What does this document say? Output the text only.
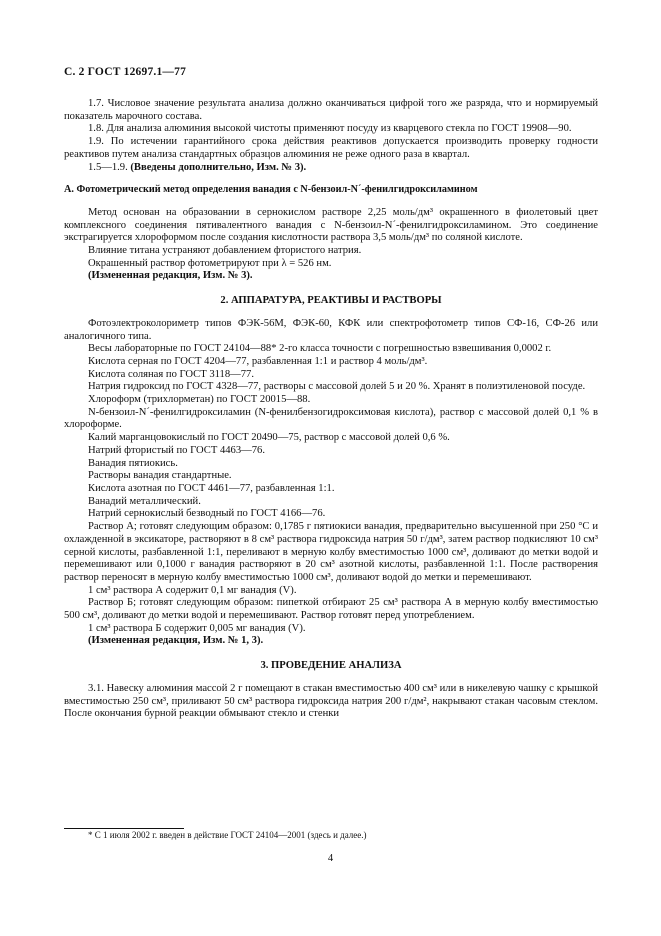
С. 2 ГОСТ 12697.1—77

1.7. Числовое значение результата анализа должно оканчиваться цифрой того же разряда, что и нормируемый показатель марочного состава.

1.8. Для анализа алюминия высокой чистоты применяют посуду из кварцевого стекла по ГОСТ 19908—90.

1.9. По истечении гарантийного срока действия реактивов допускается производить проверку годности реактивов путем анализа стандартных образцов алюминия не реже одного раза в квартал.

1.5—1.9. (Введены дополнительно, Изм. № 3).

А. Фотометрический метод определения ванадия с N-бензоил-N´-фенилгидроксиламином

Метод основан на образовании в сернокислом растворе 2,25 моль/дм³ окрашенного в фиолетовый цвет комплексного соединения пятивалентного ванадия с N-бензоил-N´-фенилгидроксиламином. Это соединение экстрагируется хлороформом после создания кислотности раствора 3,5 моль/дм³ по соляной кислоте.

Влияние титана устраняют добавлением фтористого натрия.

Окрашенный раствор фотометрируют при λ = 526 нм.

(Измененная редакция, Изм. № 3).

2. АППАРАТУРА, РЕАКТИВЫ И РАСТВОРЫ

Фотоэлектроколориметр типов ФЭК-56М, ФЭК-60, КФК или спектрофотометр типов СФ-16, СФ-26 или аналогичного типа.

Весы лабораторные по ГОСТ 24104—88* 2-го класса точности с погрешностью взвешивания 0,0002 г.

Кислота серная по ГОСТ 4204—77, разбавленная 1:1 и раствор 4 моль/дм³.

Кислота соляная по ГОСТ 3118—77.

Натрия гидроксид по ГОСТ 4328—77, растворы с массовой долей 5 и 20 %. Хранят в полиэтиленовой посуде.

Хлороформ (трихлорметан) по ГОСТ 20015—88.

N-бензоил-N´-фенилгидроксиламин (N-фенилбензогидроксимовая кислота), раствор с массовой долей 0,1 % в хлороформе.

Калий марганцовокислый по ГОСТ 20490—75, раствор с массовой долей 0,6 %.

Натрий фтористый по ГОСТ 4463—76.

Ванадия пятиокись.

Растворы ванадия стандартные.

Кислота азотная по ГОСТ 4461—77, разбавленная 1:1.

Ванадий металлический.

Натрий сернокислый безводный по ГОСТ 4166—76.

Раствор А; готовят следующим образом: 0,1785 г пятиокиси ванадия, предварительно высушенной при 250 °С и охлажденной в эксикаторе, растворяют в 8 см³ раствора гидроксида натрия 50 г/дм³, затем раствор подкисляют 10 см³ серной кислоты, разбавленной 1:1, переливают в мерную колбу вместимостью 1000 см³, доливают до метки водой и перемешивают или 0,1000 г ванадия растворяют в 20 см³ азотной кислоты, разбавленной 1:1. После растворения раствор переносят в мерную колбу вместимостью 1000 см³, доливают водой до метки и перемешивают.

1 см³ раствора А содержит 0,1 мг ванадия (V).

Раствор Б; готовят следующим образом: пипеткой отбирают 25 см³ раствора А в мерную колбу вместимостью 500 см³, доливают до метки водой и перемешивают. Раствор готовят перед употреблением.

1 см³ раствора Б содержит 0,005 мг ванадия (V).

(Измененная редакция, Изм. № 1, 3).

3. ПРОВЕДЕНИЕ АНАЛИЗА

3.1. Навеску алюминия массой 2 г помещают в стакан вместимостью 400 см³ или в никелевую чашку с крышкой вместимостью 250 см³, приливают 50 см³ раствора гидроксида натрия 200 г/дм², накрывают стакан часовым стеклом. После окончания бурной реакции обмывают стекло и стенки

* С 1 июля 2002 г. введен в действие ГОСТ 24104—2001 (здесь и далее.)
4
